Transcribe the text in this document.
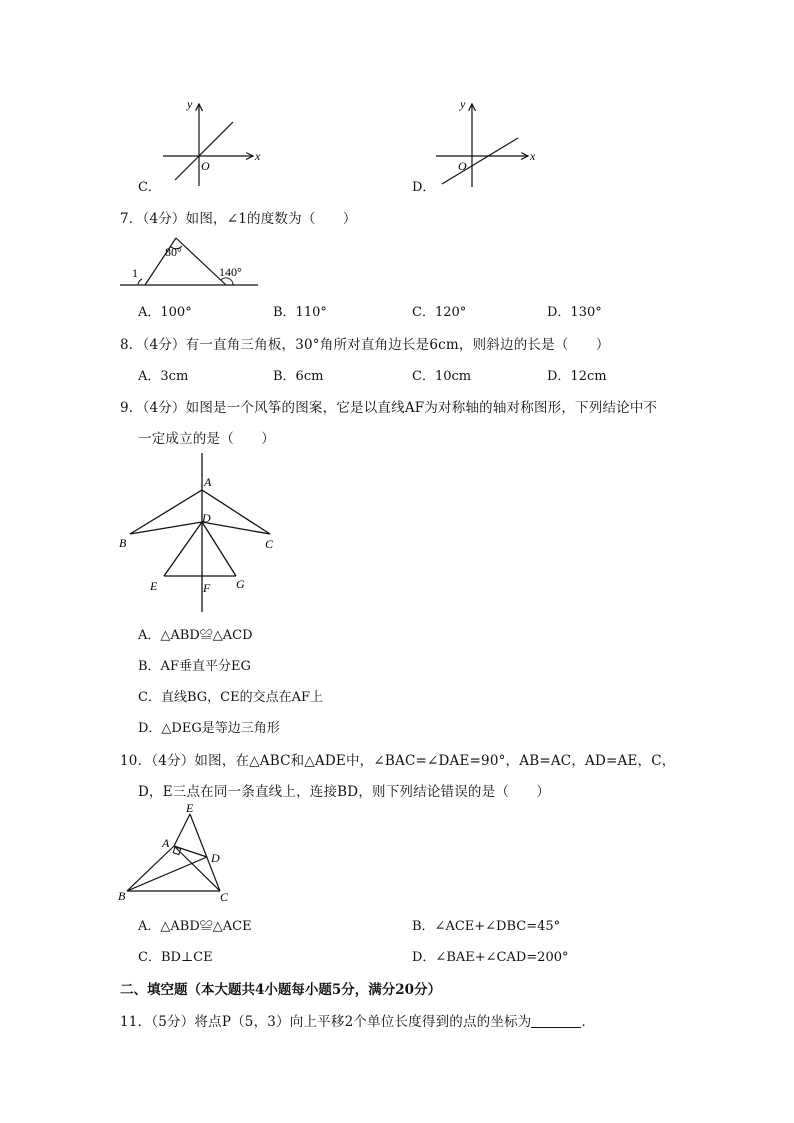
C．
x
y
O
D．
x
y
O
7．（4分）如图，∠1的度数为（　　）
1
80°
140°
A．100°	B．110°	C．120°	D．130°
8．（4分）有一直角三角板，30°角所对直角边长是6cm，则斜边的长是（　　）
A．3cm	B．6cm	C．10cm	D．12cm
9．（4分）如图是一个风筝的图案，它是以直线AF为对称轴的轴对称图形，下列结论中不
一定成立的是（　　）
A
B	C
D
E	F G
A．△ABD≌△ACD
B．AF垂直平分EG
C．直线BG，CE的交点在AF上
D．△DEG是等边三角形
10．（4分）如图，在△ABC和△ADE中，∠BAC=∠DAE=90°，AB=AC，AD=AE，C，
D，E三点在同一条直线上，连接BD，则下列结论错误的是（　　）
E
A
D
B	C
A．△ABD≌△ACE	B．∠ACE+∠DBC=45°
C．BD⊥CE	D．∠BAE+∠CAD=200°
二、填空题（本大题共4小题每小题5分，满分20分）
11．（5分）将点P（5，3）向上平移2个单位长度得到的点的坐标为	．
